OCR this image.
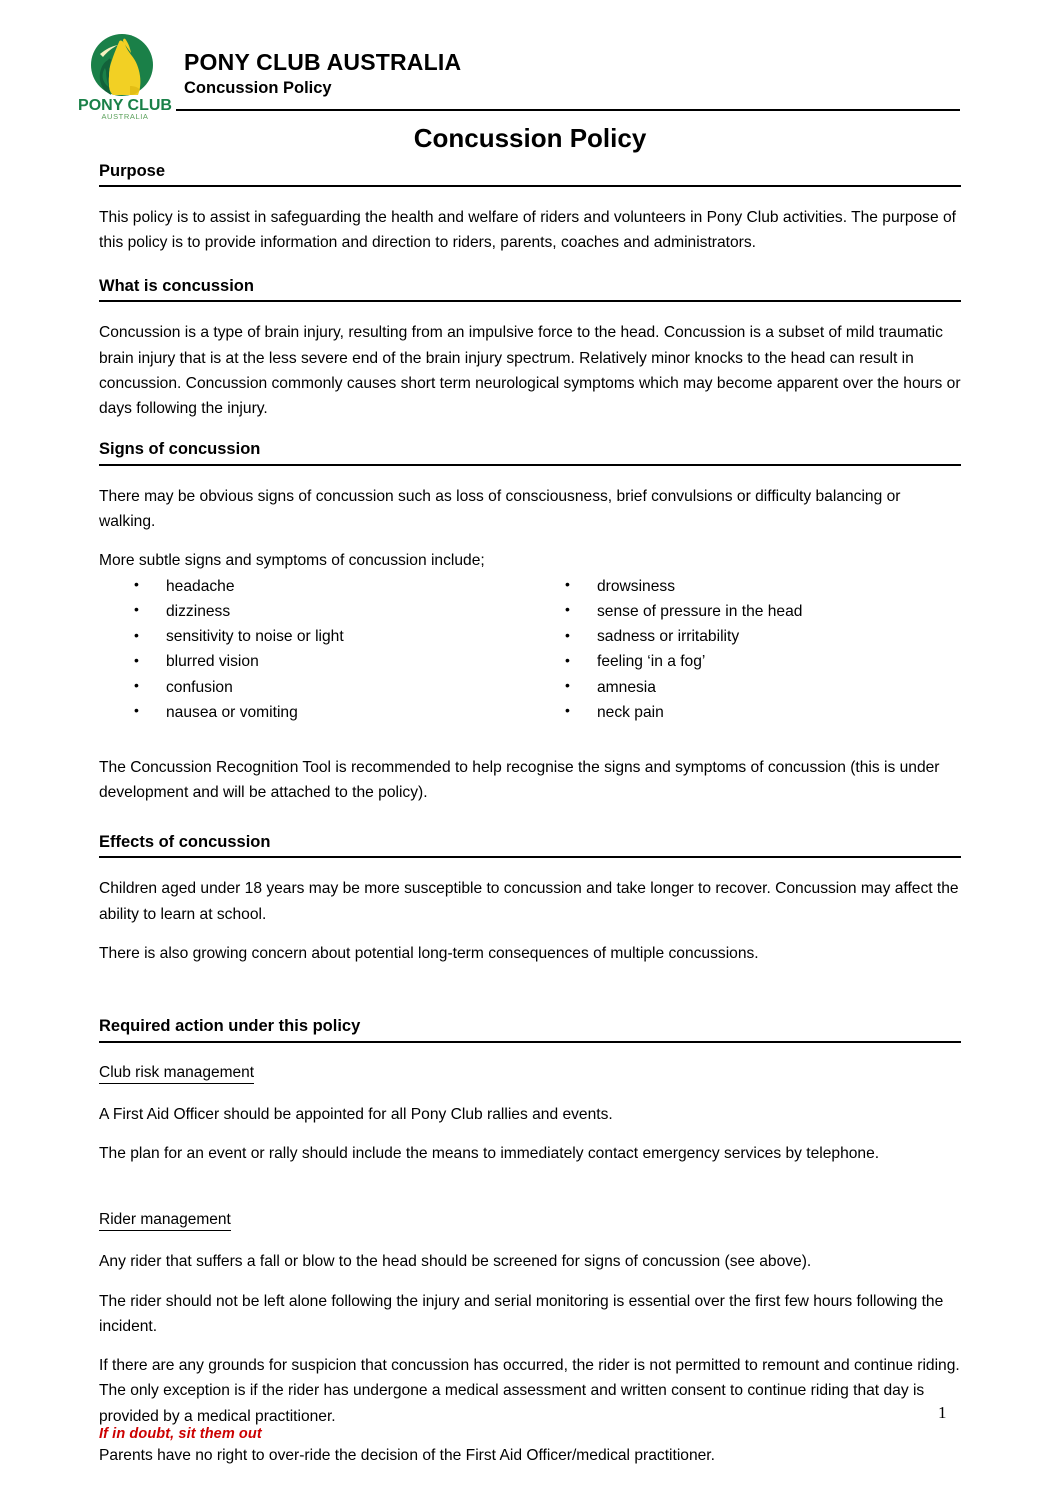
PONY CLUB
AUSTRALIA
PONY CLUB AUSTRALIA
Concussion Policy
Concussion Policy
Purpose

This policy is to assist in safeguarding the health and welfare of riders and volunteers in Pony Club activities. The purpose of this policy is to provide information and direction to riders, parents, coaches and administrators.

What is concussion

Concussion is a type of brain injury, resulting from an impulsive force to the head. Concussion is a subset of mild traumatic brain injury that is at the less severe end of the brain injury spectrum. Relatively minor knocks to the head can result in concussion. Concussion commonly causes short term neurological symptoms which may become apparent over the hours or days following the injury.

Signs of concussion

There may be obvious signs of concussion such as loss of consciousness, brief convulsions or difficulty balancing or walking.

More subtle signs and symptoms of concussion include;

• headache
• dizziness
• sensitivity to noise or light
• blurred vision
• confusion
• nausea or vomiting
• drowsiness
• sense of pressure in the head
• sadness or irritability
• feeling ‘in a fog’
• amnesia
• neck pain

The Concussion Recognition Tool is recommended to help recognise the signs and symptoms of concussion (this is under development and will be attached to the policy).

Effects of concussion

Children aged under 18 years may be more susceptible to concussion and take longer to recover. Concussion may affect the ability to learn at school.

There is also growing concern about potential long-term consequences of multiple concussions.

Required action under this policy
Club risk management

A First Aid Officer should be appointed for all Pony Club rallies and events.

The plan for an event or rally should include the means to immediately contact emergency services by telephone.

Rider management

Any rider that suffers a fall or blow to the head should be screened for signs of concussion (see above).

The rider should not be left alone following the injury and serial monitoring is essential over the first few hours following the incident.

If there are any grounds for suspicion that concussion has occurred, the rider is not permitted to remount and continue riding. The only exception is if the rider has undergone a medical assessment and written consent to continue riding that day is provided by a medical practitioner.

Parents have no right to over-ride the decision of the First Aid Officer/medical practitioner.

1
If in doubt, sit them out
